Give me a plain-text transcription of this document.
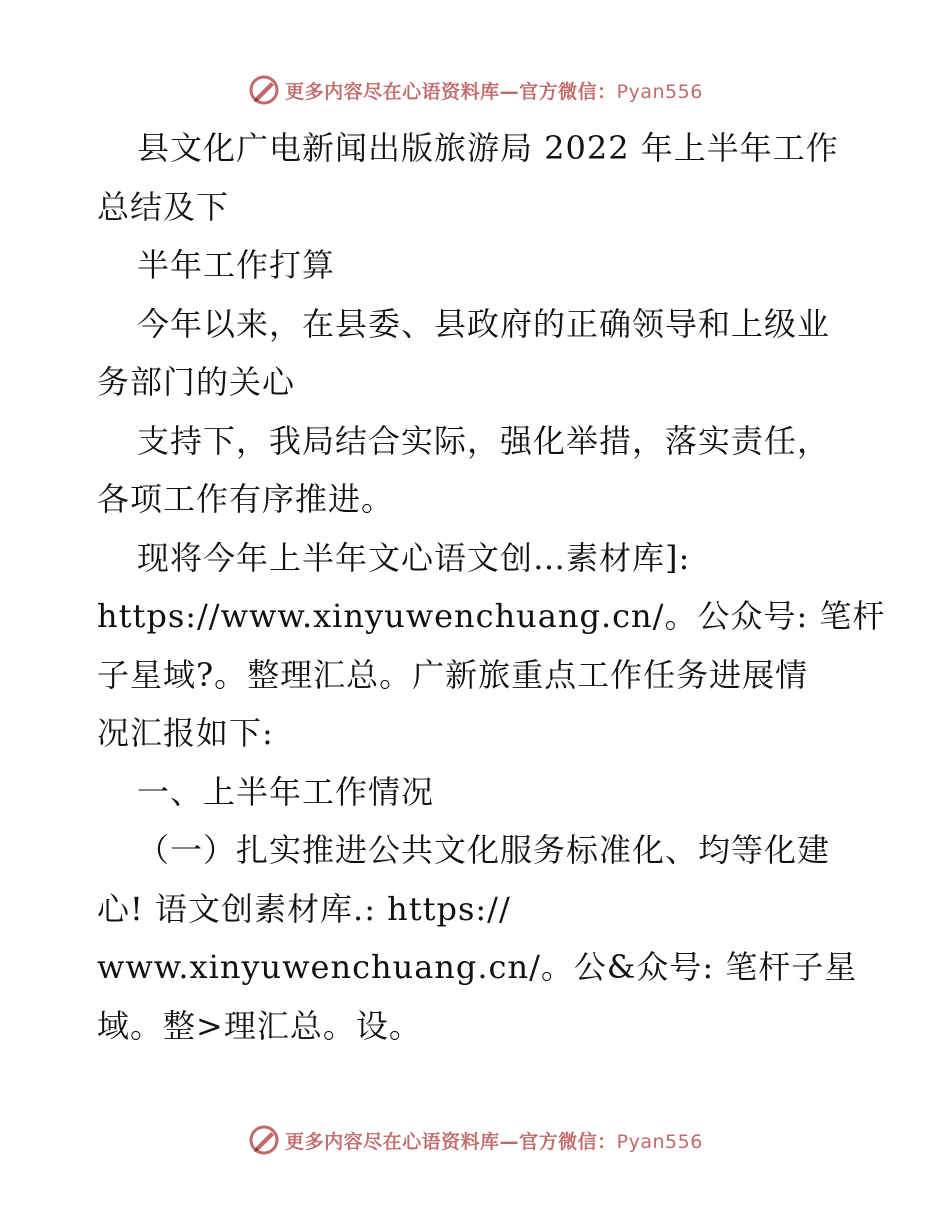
更多内容尽在心语资料库—官方微信：Pyan556
县文化广电新闻出版旅游局 2022 年上半年工作
总结及下
半年工作打算
今年以来，在县委、县政府的正确领导和上级业
务部门的关心
支持下，我局结合实际，强化举措，落实责任，
各项工作有序推进。
现将今年上半年文心语文创…素材库]:
https://www.xinyuwenchuang.cn/。公众号: 笔杆
子星域?。整理汇总。广新旅重点工作任务进展情
况汇报如下:
一、上半年工作情况
（一）扎实推进公共文化服务标准化、均等化建
心! 语文创素材库.: https://
www.xinyuwenchuang.cn/。公&众号: 笔杆子星
域。整>理汇总。设。
更多内容尽在心语资料库—官方微信：Pyan556
